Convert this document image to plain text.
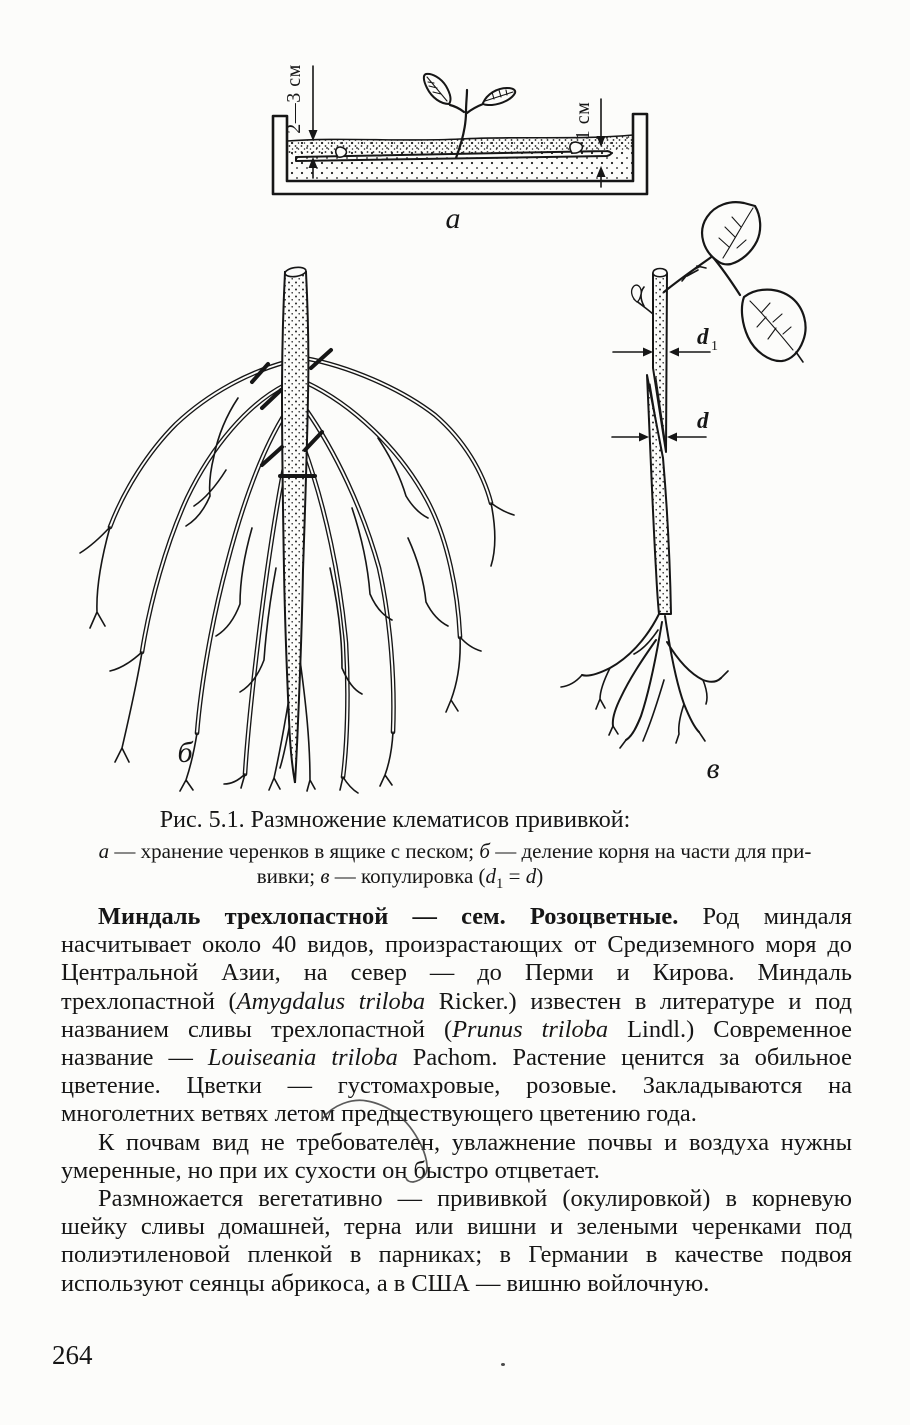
2—3 см	1 см
а
б
d 1
d
в
Рис. 5.1. Размножение клематисов прививкой:
а — хранение черенков в ящике с песком; б — деление корня на части для при-
вивки; в — копулировка $(d_1 = d)$

Миндаль трехлопастной — сем. Розоцветные. Род миндаля насчитывает около 40 видов, произрастающих от Средиземного моря до Центральной Азии, на север — до Перми и Кирова. Миндаль трехлопастной (Amygdalus triloba Ricker.) известен в литературе и под названием сливы трехлопастной (Prunus triloba Lindl.) Современное название — Louiseania triloba Pachom. Растение ценится за обильное цветение. Цветки — густомахровые, розовые. Закладываются на многолетних ветвях летом предшествующего цветению года.

К почвам вид не требователен, увлажнение почвы и воздуха нужны умеренные, но при их сухости он быстро отцветает.

Размножается вегетативно — прививкой (окулировкой) в корневую шейку сливы домашней, терна или вишни и зелеными черенками под полиэтиленовой пленкой в парниках; в Германии в качестве подвоя используют сеянцы абрикоса, а в США — вишню войлочную.

264
